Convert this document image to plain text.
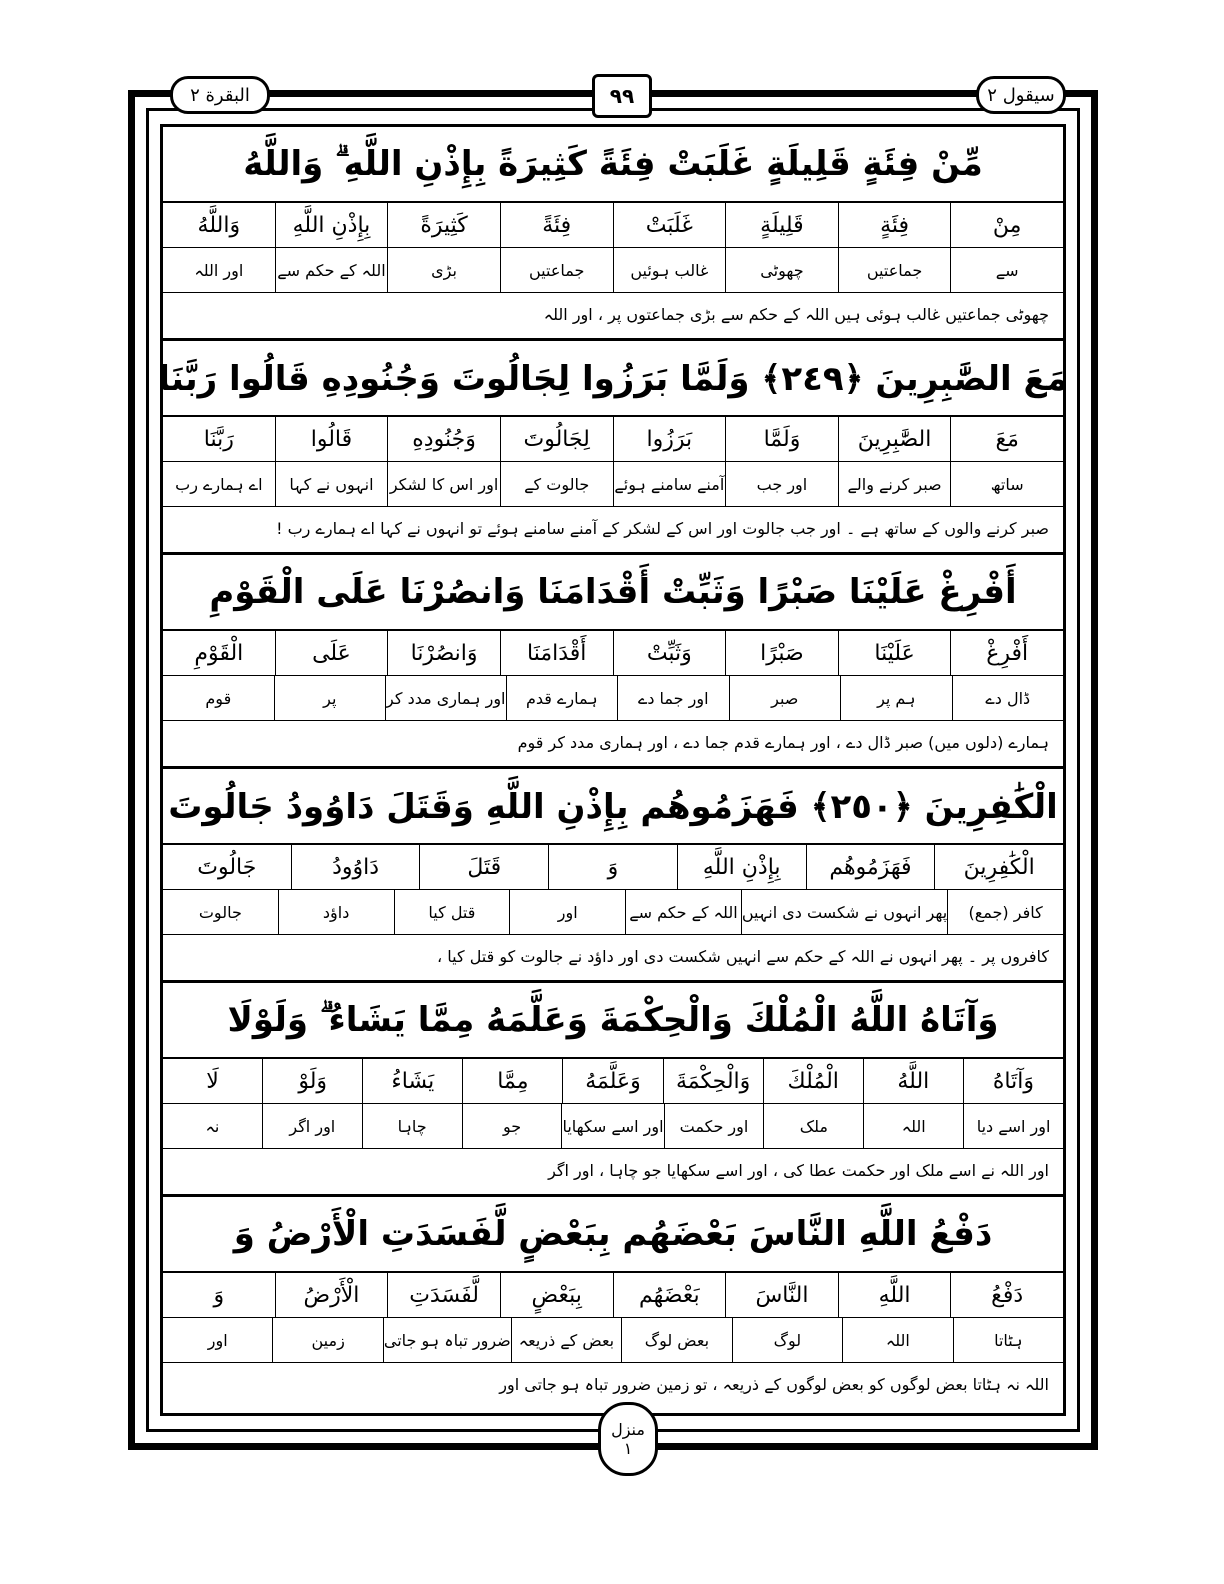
البقرة ٢	٩٩	سیقول ٢
مِّنْ فِئَةٍ قَلِيلَةٍ غَلَبَتْ فِئَةً كَثِيرَةً بِإِذْنِ اللَّهِ ۗ وَاللَّهُ
مِنْ
فِئَةٍ
قَلِيلَةٍ
غَلَبَتْ
فِئَةً
كَثِيرَةً
بِإِذْنِ اللَّهِ
وَاللَّهُ
سے
جماعتیں
چھوٹی
غالب ہوئیں
جماعتیں
بڑی
اللہ کے حکم سے
اور اللہ
چھوٹی جماعتیں غالب ہوئی ہیں اللہ کے حکم سے بڑی جماعتوں پر ، اور اللہ
مَعَ الصَّٰبِرِينَ ﴿٢٤٩﴾ وَلَمَّا بَرَزُوا لِجَالُوتَ وَجُنُودِهِ قَالُوا رَبَّنَا
مَعَ
الصَّٰبِرِينَ
وَلَمَّا
بَرَزُوا
لِجَالُوتَ
وَجُنُودِهِ
قَالُوا
رَبَّنَا
ساتھ
صبر کرنے والے
اور جب
آمنے سامنے ہوئے
جالوت کے
اور اس کا لشکر
انہوں نے کہا
اے ہمارے رب
صبر کرنے والوں کے ساتھ ہے ۔ اور جب جالوت اور اس کے لشکر کے آمنے سامنے ہوئے تو انہوں نے کہا اے ہمارے رب !
أَفْرِغْ عَلَيْنَا صَبْرًا وَثَبِّتْ أَقْدَامَنَا وَانصُرْنَا عَلَى الْقَوْمِ
أَفْرِغْ
عَلَيْنَا
صَبْرًا
وَثَبِّتْ
أَقْدَامَنَا
وَانصُرْنَا
عَلَى
الْقَوْمِ
ڈال دے
ہم پر
صبر
اور جما دے
ہمارے قدم
اور ہماری مدد کر
پر
قوم
ہمارے (دلوں میں) صبر ڈال دے ، اور ہمارے قدم جما دے ، اور ہماری مدد کر قوم
الْكَٰفِرِينَ ﴿٢٥٠﴾ فَهَزَمُوهُم بِإِذْنِ اللَّهِ وَقَتَلَ دَاوُودُ جَالُوتَ
الْكَٰفِرِينَ
فَهَزَمُوهُم
بِإِذْنِ اللَّهِ
وَ
قَتَلَ
دَاوُودُ
جَالُوتَ
کافر (جمع)
پھر انہوں نے شکست دی انہیں
اللہ کے حکم سے
اور
قتل کیا
داؤد
جالوت
کافروں پر ۔ پھر انہوں نے اللہ کے حکم سے انہیں شکست دی اور داؤد نے جالوت کو قتل کیا ،
وَآتَاهُ اللَّهُ الْمُلْكَ وَالْحِكْمَةَ وَعَلَّمَهُ مِمَّا يَشَاءُ ۗ وَلَوْلَا
وَآتَاهُ
اللَّهُ
الْمُلْكَ
وَالْحِكْمَةَ
وَعَلَّمَهُ
مِمَّا
يَشَاءُ
وَلَوْ
لَا
اور اسے دیا
اللہ
ملک
اور حکمت
اور اسے سکھایا
جو
چاہا
اور اگر
نہ
اور اللہ نے اسے ملک اور حکمت عطا کی ، اور اسے سکھایا جو چاہا ، اور اگر
دَفْعُ اللَّهِ النَّاسَ بَعْضَهُم بِبَعْضٍ لَّفَسَدَتِ الْأَرْضُ وَ
دَفْعُ
اللَّهِ
النَّاسَ
بَعْضَهُم
بِبَعْضٍ
لَّفَسَدَتِ
الْأَرْضُ
وَ
ہٹاتا
اللہ
لوگ
بعض لوگ
بعض کے ذریعہ
ضرور تباہ ہو جاتی
زمین
اور
اللہ نہ ہٹاتا بعض لوگوں کو بعض لوگوں کے ذریعہ ، تو زمین ضرور تباہ ہو جاتی اور
منزل
١
